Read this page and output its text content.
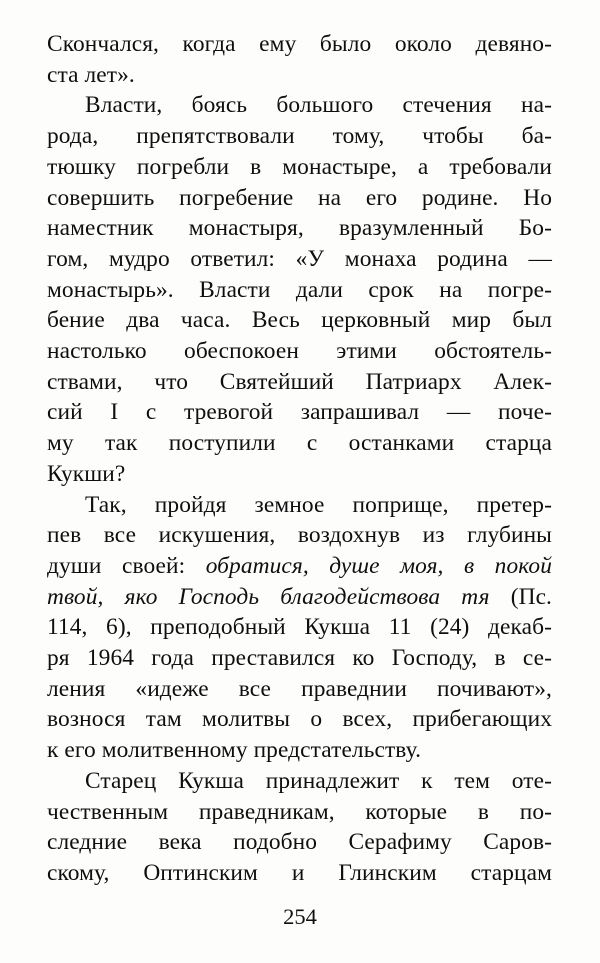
Скончался, когда ему было около девяно-
ста лет».
Власти, боясь большого стечения на-
рода, препятствовали тому, чтобы ба-
тюшку погребли в монастыре, а требовали
совершить погребение на его родине. Но
наместник монастыря, вразумленный Бо-
гом, мудро ответил: «У монаха родина —
монастырь». Власти дали срок на погре-
бение два часа. Весь церковный мир был
настолько обеспокоен этими обстоятель-
ствами, что Святейший Патриарх Алек-
сий I с тревогой запрашивал — поче-
му так поступили с останками старца
Кукши?
Так, пройдя земное поприще, претер-
пев все искушения, воздохнув из глубины
души своей: обратися, душе моя, в покой
твой, яко Господь благодействова тя (Пс.
114, 6), преподобный Кукша 11 (24) декаб-
ря 1964 года преставился ко Господу, в се-
ления «идеже все праведнии почивают»,
вознося там молитвы о всех, прибегающих
к его молитвенному предстательству.
Старец Кукша принадлежит к тем оте-
чественным праведникам, которые в по-
следние века подобно Серафиму Саров-
скому, Оптинским и Глинским старцам
254
